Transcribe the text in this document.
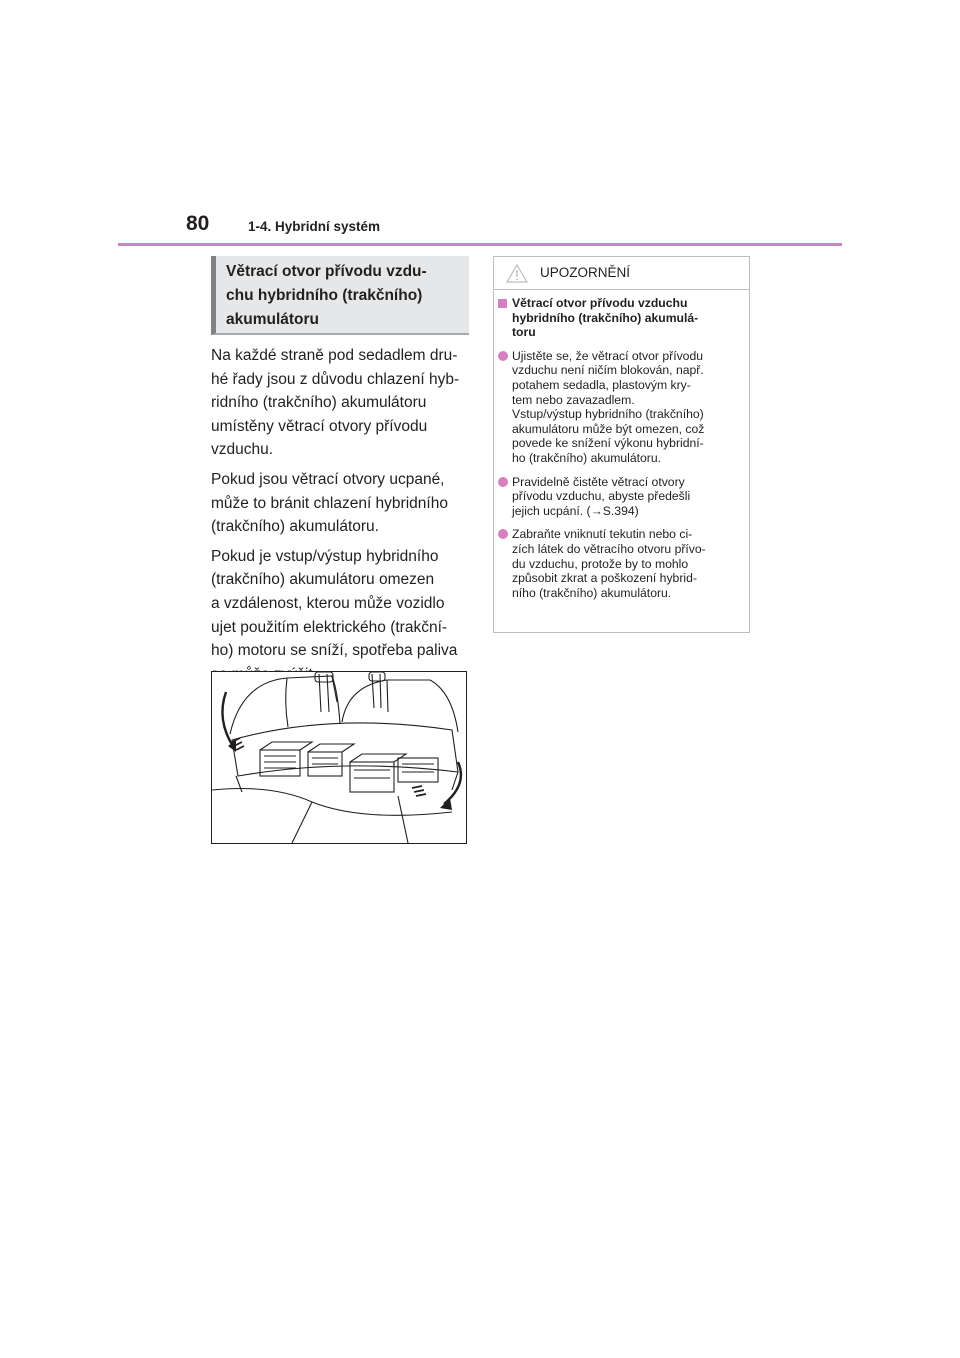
80	1-4. Hybridní systém
Větrací otvor přívodu vzdu-
chu hybridního (trakčního)
akumulátoru

Na každé straně pod sedadlem dru-
hé řady jsou z důvodu chlazení hyb-
ridního (trakčního) akumulátoru
umístěny větrací otvory přívodu
vzduchu.

Pokud jsou větrací otvory ucpané,
může to bránit chlazení hybridního
(trakčního) akumulátoru.

Pokud je vstup/výstup hybridního
(trakčního) akumulátoru omezen
a vzdálenost, kterou může vozidlo
ujet použitím elektrického (trakční-
ho) motoru se sníží, spotřeba paliva

UPOZORNĚNÍ
Větrací otvor přívodu vzduchu
hybridního (trakčního) akumulá-
toru
Ujistěte se, že větrací otvor přívodu
vzduchu není ničím blokován, např.
potahem sedadla, plastovým kry-
tem nebo zavazadlem.
Vstup/výstup hybridního (trakčního)
akumulátoru může být omezen, což
povede ke snížení výkonu hybridní-
ho (trakčního) akumulátoru.
Pravidelně čistěte větrací otvory
přívodu vzduchu, abyste předešli
jejich ucpání. (→S.394)
Zabraňte vniknutí tekutin nebo ci-
zích látek do větracího otvoru přívo-
du vzduchu, protože by to mohlo
způsobit zkrat a poškození hybrid-
ního (trakčního) akumulátoru.
